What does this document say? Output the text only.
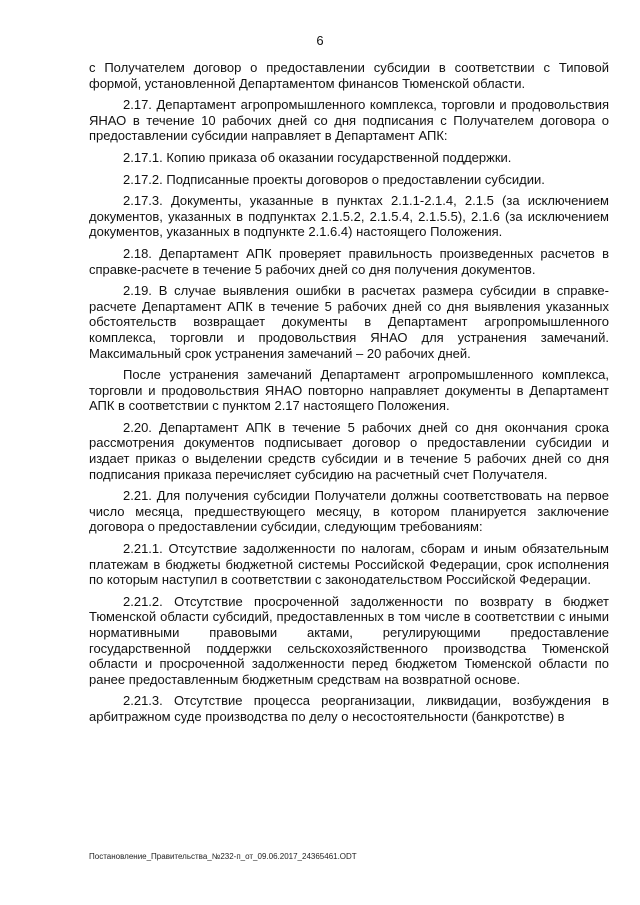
6

с Получателем договор о предоставлении субсидии в соответствии с Типовой формой, установленной Департаментом финансов Тюменской области.

2.17. Департамент агропромышленного комплекса, торговли и продовольствия ЯНАО в течение 10 рабочих дней со дня подписания с Получателем договора о предоставлении субсидии направляет в Департамент АПК:

2.17.1. Копию приказа об оказании государственной поддержки.

2.17.2. Подписанные проекты договоров о предоставлении субсидии.

2.17.3. Документы, указанные в пунктах 2.1.1-2.1.4, 2.1.5 (за исключением документов, указанных в подпунктах 2.1.5.2, 2.1.5.4, 2.1.5.5), 2.1.6 (за исключением документов, указанных в подпункте 2.1.6.4) настоящего Положения.

2.18. Департамент АПК проверяет правильность произведенных расчетов в справке-расчете в течение 5 рабочих дней со дня получения документов.

2.19. В случае выявления ошибки в расчетах размера субсидии в справке-расчете Департамент АПК в течение 5 рабочих дней со дня выявления указанных обстоятельств возвращает документы в Департамент агропромышленного комплекса, торговли и продовольствия ЯНАО для устранения замечаний. Максимальный срок устранения замечаний – 20 рабочих дней.

После устранения замечаний Департамент агропромышленного комплекса, торговли и продовольствия ЯНАО повторно направляет документы в Департамент АПК в соответствии с пунктом 2.17 настоящего Положения.

2.20. Департамент АПК в течение 5 рабочих дней со дня окончания срока рассмотрения документов подписывает договор о предоставлении субсидии и издает приказ о выделении средств субсидии и в течение 5 рабочих дней со дня подписания приказа перечисляет субсидию на расчетный счет Получателя.

2.21. Для получения субсидии Получатели должны соответствовать на первое число месяца, предшествующего месяцу, в котором планируется заключение договора о предоставлении субсидии, следующим требованиям:

2.21.1. Отсутствие задолженности по налогам, сборам и иным обязательным платежам в бюджеты бюджетной системы Российской Федерации, срок исполнения по которым наступил в соответствии с законодательством Российской Федерации.

2.21.2. Отсутствие просроченной задолженности по возврату в бюджет Тюменской области субсидий, предоставленных в том числе в соответствии с иными нормативными правовыми актами, регулирующими предоставление государственной поддержки сельскохозяйственного производства Тюменской области и просроченной задолженности перед бюджетом Тюменской области по ранее предоставленным бюджетным средствам на возвратной основе.

2.21.3. Отсутствие процесса реорганизации, ликвидации, возбуждения в арбитражном суде производства по делу о несостоятельности (банкротстве) в

Постановление_Правительства_№232-п_от_09.06.2017_24365461.ODT
